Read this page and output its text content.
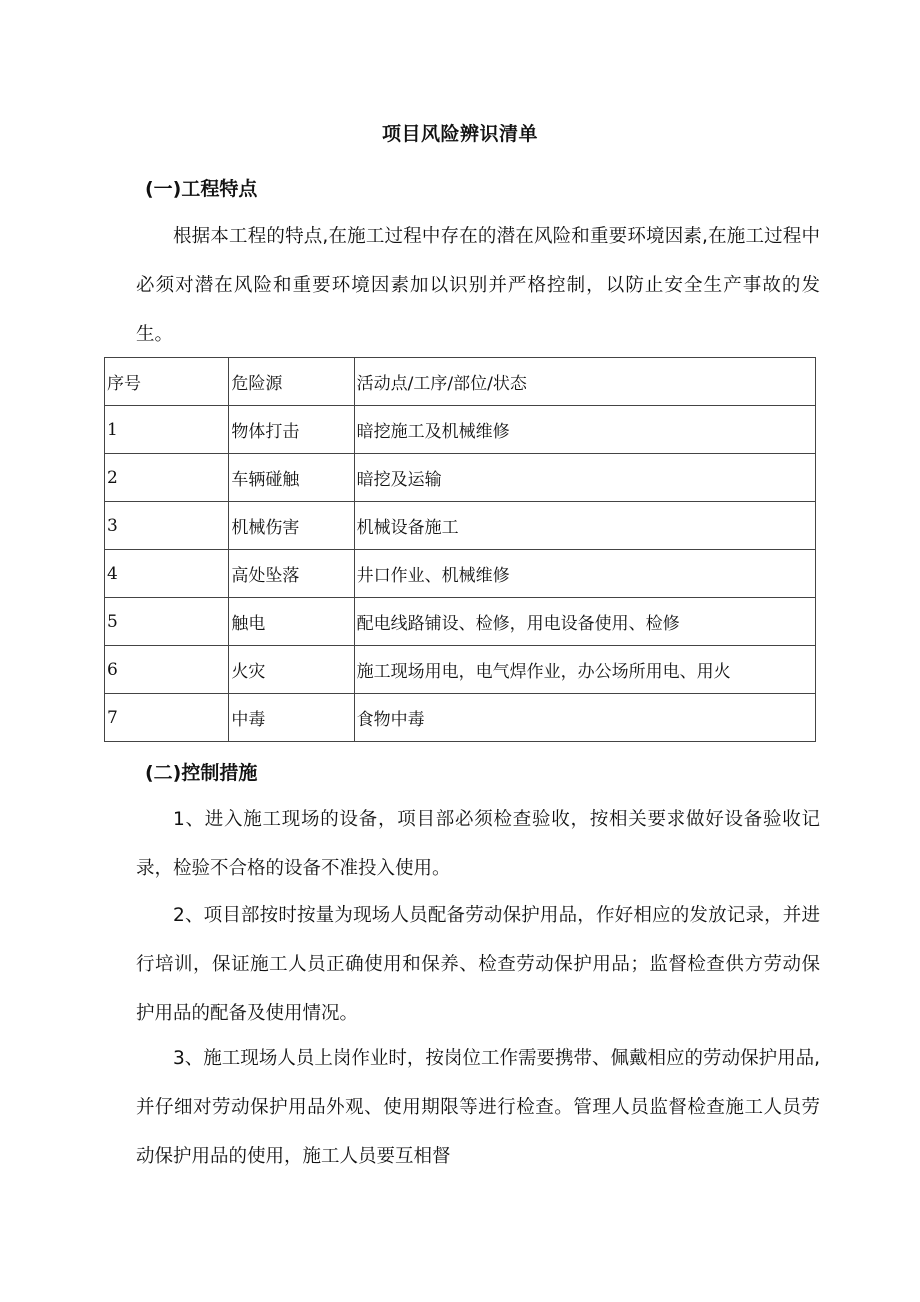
项目风险辨识清单
(一)工程特点

根据本工程的特点,在施工过程中存在的潜在风险和重要环境因素,在施工过程中必须对潜在风险和重要环境因素加以识别并严格控制，以防止安全生产事故的发生。

序号	危险源	活动点/工序/部位/状态
1	物体打击	暗挖施工及机械维修
2	车辆碰触	暗挖及运输
3	机械伤害	机械设备施工
4	高处坠落	井口作业、机械维修
5	触电	配电线路铺设、检修，用电设备使用、检修
6	火灾	施工现场用电，电气焊作业，办公场所用电、用火
7	中毒	食物中毒
(二)控制措施

1、进入施工现场的设备，项目部必须检查验收，按相关要求做好设备验收记录，检验不合格的设备不准投入使用。

2、项目部按时按量为现场人员配备劳动保护用品，作好相应的发放记录，并进行培训，保证施工人员正确使用和保养、检查劳动保护用品；监督检查供方劳动保护用品的配备及使用情况。

3、施工现场人员上岗作业时，按岗位工作需要携带、佩戴相应的劳动保护用品,并仔细对劳动保护用品外观、使用期限等进行检查。管理人员监督检查施工人员劳动保护用品的使用，施工人员要互相督
